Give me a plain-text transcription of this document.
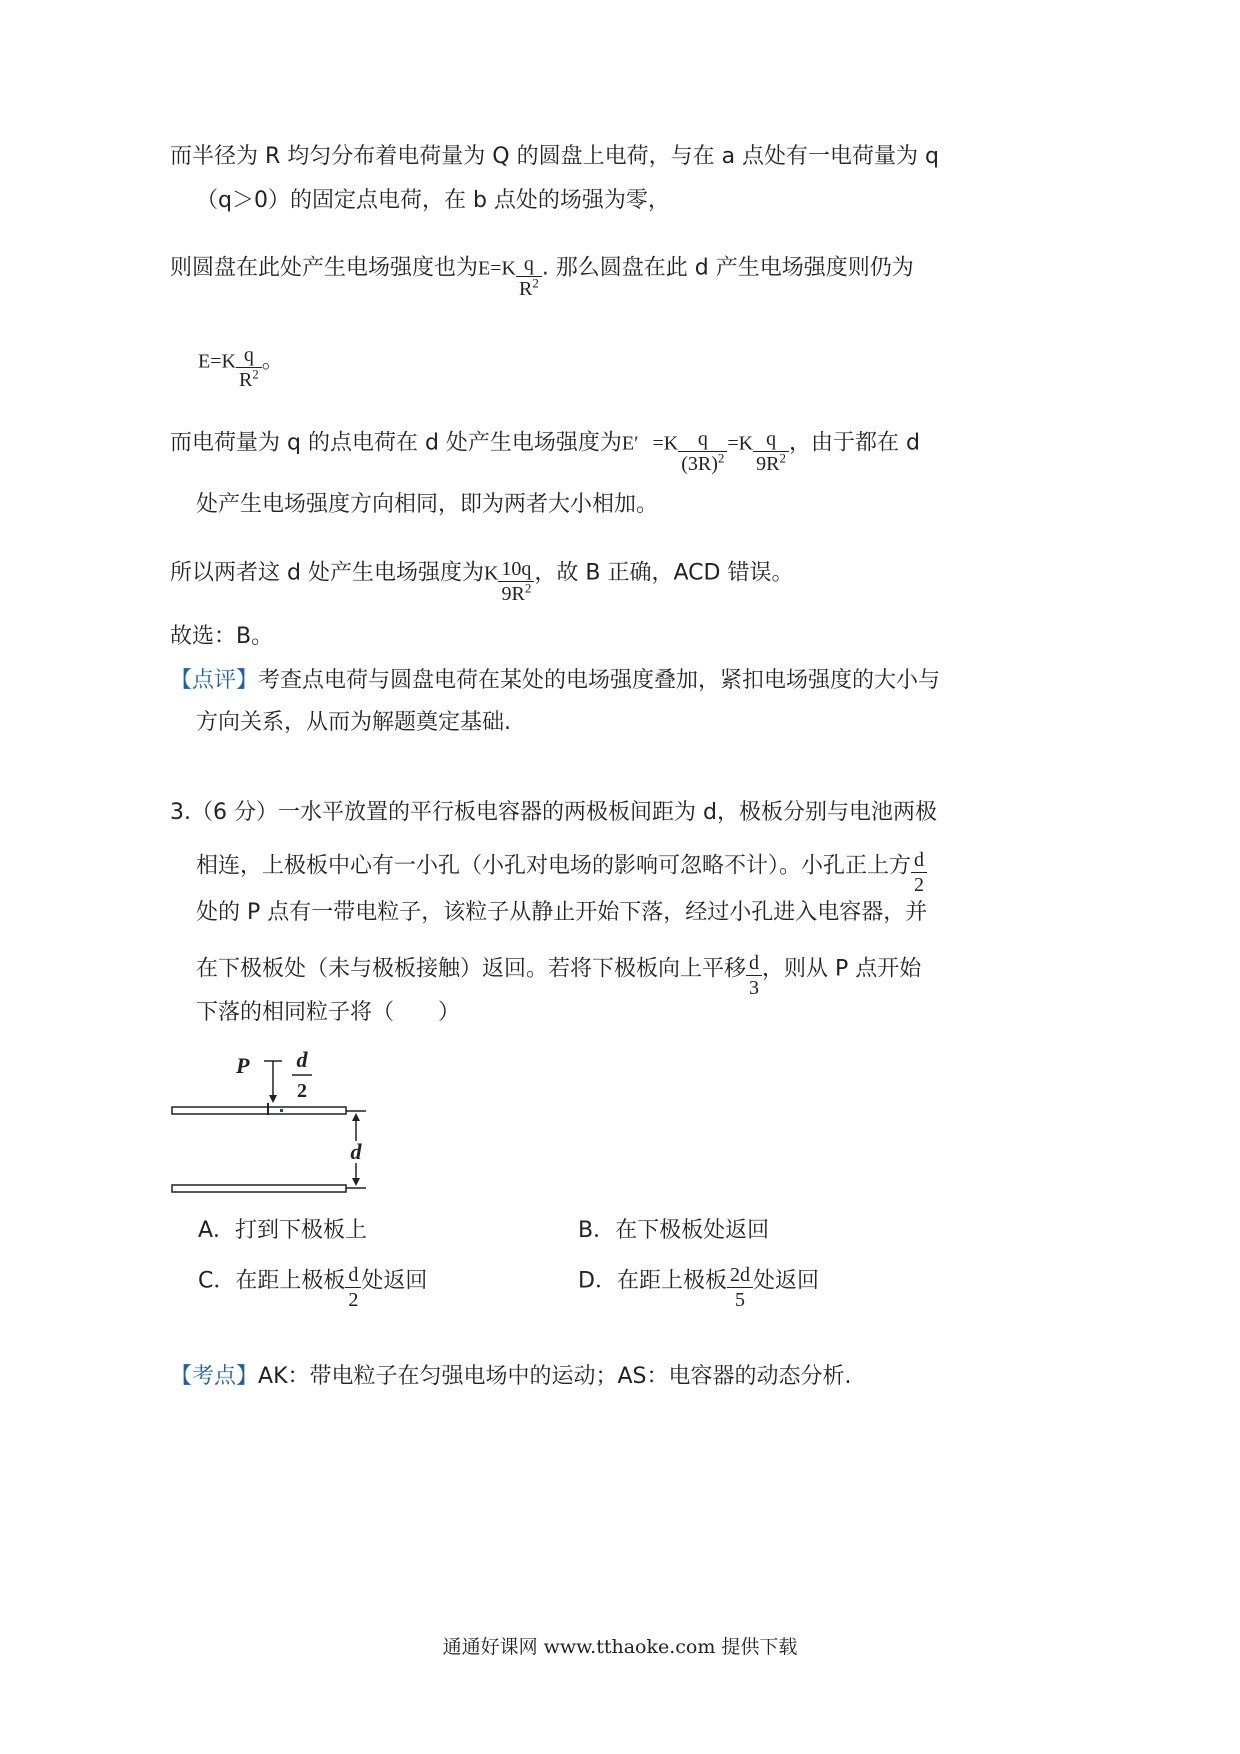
而半径为 R 均匀分布着电荷量为 Q 的圆盘上电荷，与在 a 点处有一电荷量为 q
（q＞0）的固定点电荷，在 b 点处的场强为零，
则圆盘在此处产生电场强度也为$E=K \frac{q}{R^2}$ . 那么圆盘在此 d 产生电场强度则仍为
$E=K \frac{q}{R^2}$ 。
而电荷量为 q 的点电荷在 d 处产生电场强度为$E' =K \frac{q}{(3R)^2} =K \frac{q}{9R^2}$ ，由于都在 d
处产生电场强度方向相同，即为两者大小相加。
所以两者这 d 处产生电场强度为K $\frac{10q}{9R^2}$ ，故 B 正确，ACD 错误。
故选：B。
【点评】考查点电荷与圆盘电荷在某处的电场强度叠加，紧扣电场强度的大小与
方向关系，从而为解题奠定基础.
3.（6 分）一水平放置的平行板电容器的两极板间距为 d，极板分别与电池两极
相连，上极板中心有一小孔（小孔对电场的影响可忽略不计）。小孔正上方 $\frac{d}{2}$
处的 P 点有一带电粒子，该粒子从静止开始下落，经过小孔进入电容器，并
在下极板处（未与极板接触）返回。若将下极板向上平移 $\frac{d}{3}$ ，则从 P 点开始
下落的相同粒子将（　　）
P d
2
d
A．打到下极板上	B．在下极板处返回
C．在距上极板 $\frac{d}{2}$ 处返回	D．在距上极板 $\frac{2d}{5}$ 处返回
【考点】AK：带电粒子在匀强电场中的运动；AS：电容器的动态分析.
通通好课网 www.tthaoke.com 提供下载
